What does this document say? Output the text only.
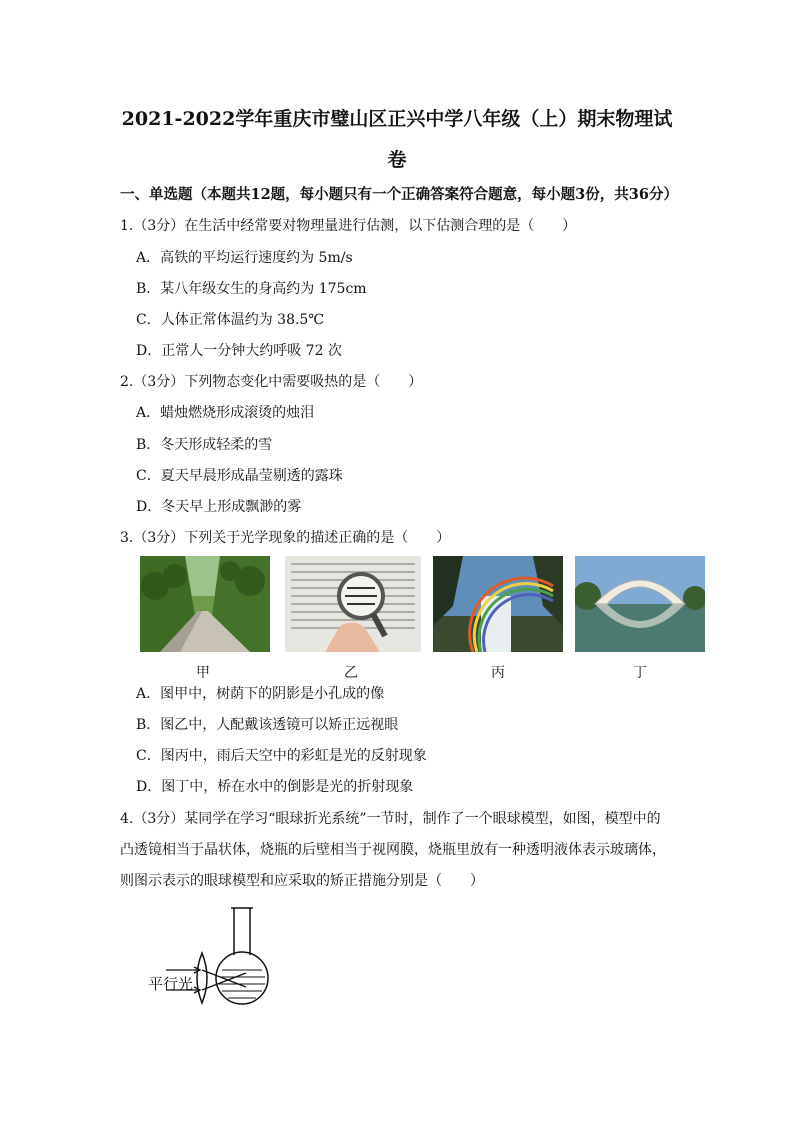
2021-2022学年重庆市璧山区正兴中学八年级（上）期末物理试
卷
一、单选题（本题共12题，每小题只有一个正确答案符合题意，每小题3份，共36分）
1.（3分）在生活中经常要对物理量进行估测，以下估测合理的是（　　）
A．高铁的平均运行速度约为 5m/s
B．某八年级女生的身高约为 175cm
C．人体正常体温约为 38.5℃
D．正常人一分钟大约呼吸 72 次
2.（3分）下列物态变化中需要吸热的是（　　）
A．蜡烛燃烧形成滚烫的烛泪
B．冬天形成轻柔的雪
C．夏天早晨形成晶莹剔透的露珠
D．冬天早上形成飘渺的雾
3.（3分）下列关于光学现象的描述正确的是（　　）
甲	乙	丙	丁
A．图甲中，树荫下的阴影是小孔成的像
B．图乙中，人配戴该透镜可以矫正远视眼
C．图丙中，雨后天空中的彩虹是光的反射现象
D．图丁中，桥在水中的倒影是光的折射现象
4.（3分）某同学在学习“眼球折光系统”一节时，制作了一个眼球模型，如图，模型中的
凸透镜相当于晶状体，烧瓶的后壁相当于视网膜，烧瓶里放有一种透明液体表示玻璃体，
则图示表示的眼球模型和应采取的矫正措施分别是（　　）
平行光
